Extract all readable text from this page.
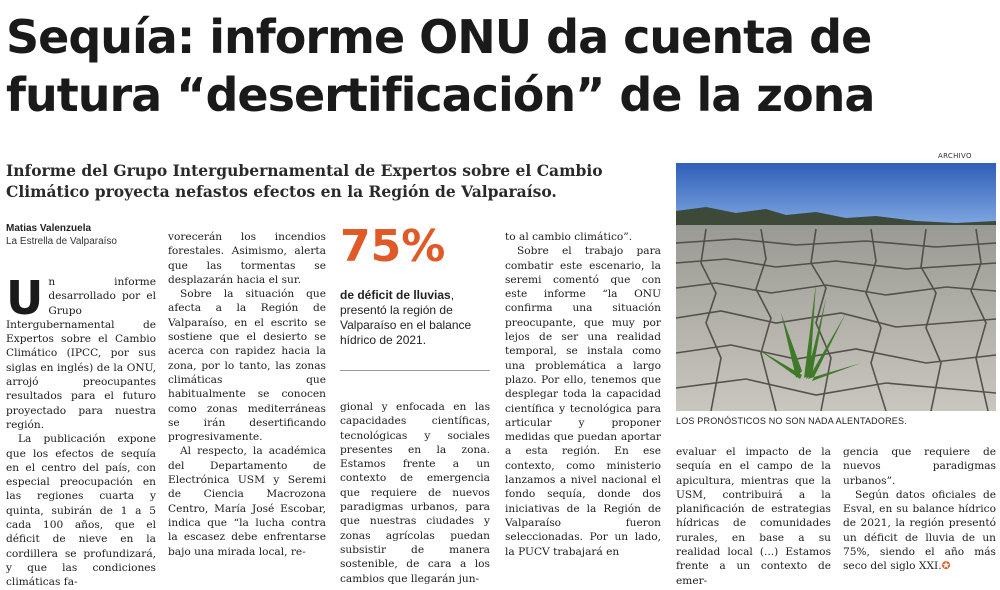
Sequía: informe ONU da cuenta de futura “desertificación” de la zona
ARCHIVO

Informe del Grupo Intergubernamental de Expertos sobre el Cambio Climático proyecta nefastos efectos en la Región de Valparaíso.

LOS PRONÓSTICOS NO SON NADA ALENTADORES.
Matias Valenzuela
La Estrella de Valparaíso

Un informe desarrollado por el Grupo Intergubernamental de Expertos sobre el Cambio Climático (IPCC, por sus siglas en inglés) de la ONU, arrojó preocupantes resultados para el futuro proyectado para nuestra región.

La publicación expone que los efectos de sequía en el centro del país, con especial preocupación en las regiones cuarta y quinta, subirán de 1 a 5 cada 100 años, que el déficit de nieve en la cordillera se profundizará, y que las condiciones climáticas fa-

vorecerán los incendios forestales. Asimismo, alerta que las tormentas se desplazarán hacia el sur.

Sobre la situación que afecta a la Región de Valparaíso, en el escrito se sostiene que el desierto se acerca con rapidez hacia la zona, por lo tanto, las zonas climáticas que habitualmente se conocen como zonas mediterráneas se irán desertificando progresivamente.

Al respecto, la académica del Departamento de Electrónica USM y Seremi de Ciencia Macrozona Centro, María José Escobar, indica que “la lucha contra la escasez debe enfrentarse bajo una mirada local, re-

75%
de déficit de lluvias, presentó la región de Valparaíso en el balance hídrico de 2021.

gional y enfocada en las capacidades científicas, tecnológicas y sociales presentes en la zona. Estamos frente a un contexto de emergencia que requiere de nuevos paradigmas urbanos, para que nuestras ciudades y zonas agrícolas puedan subsistir de manera sostenible, de cara a los cambios que llegarán jun-

to al cambio climático”.

Sobre el trabajo para combatir este escenario, la seremi comentó que con este informe “la ONU confirma una situación preocupante, que muy por lejos de ser una realidad temporal, se instala como una problemática a largo plazo. Por ello, tenemos que desplegar toda la capacidad científica y tecnológica para articular y proponer medidas que puedan aportar a esta región. En ese contexto, como ministerio lanzamos a nivel nacional el fondo sequía, donde dos iniciativas de la Región de Valparaíso fueron seleccionadas. Por un lado, la PUCV trabajará en

evaluar el impacto de la sequía en el campo de la apicultura, mientras que la USM, contribuirá a la planificación de estrategias hídricas de comunidades rurales, en base a su realidad local (...) Estamos frente a un contexto de emer-

gencia que requiere de nuevos paradigmas urbanos”.

Según datos oficiales de Esval, en su balance hídrico de 2021, la región presentó un déficit de lluvia de un 75%, siendo el año más seco del siglo XXI.✪
